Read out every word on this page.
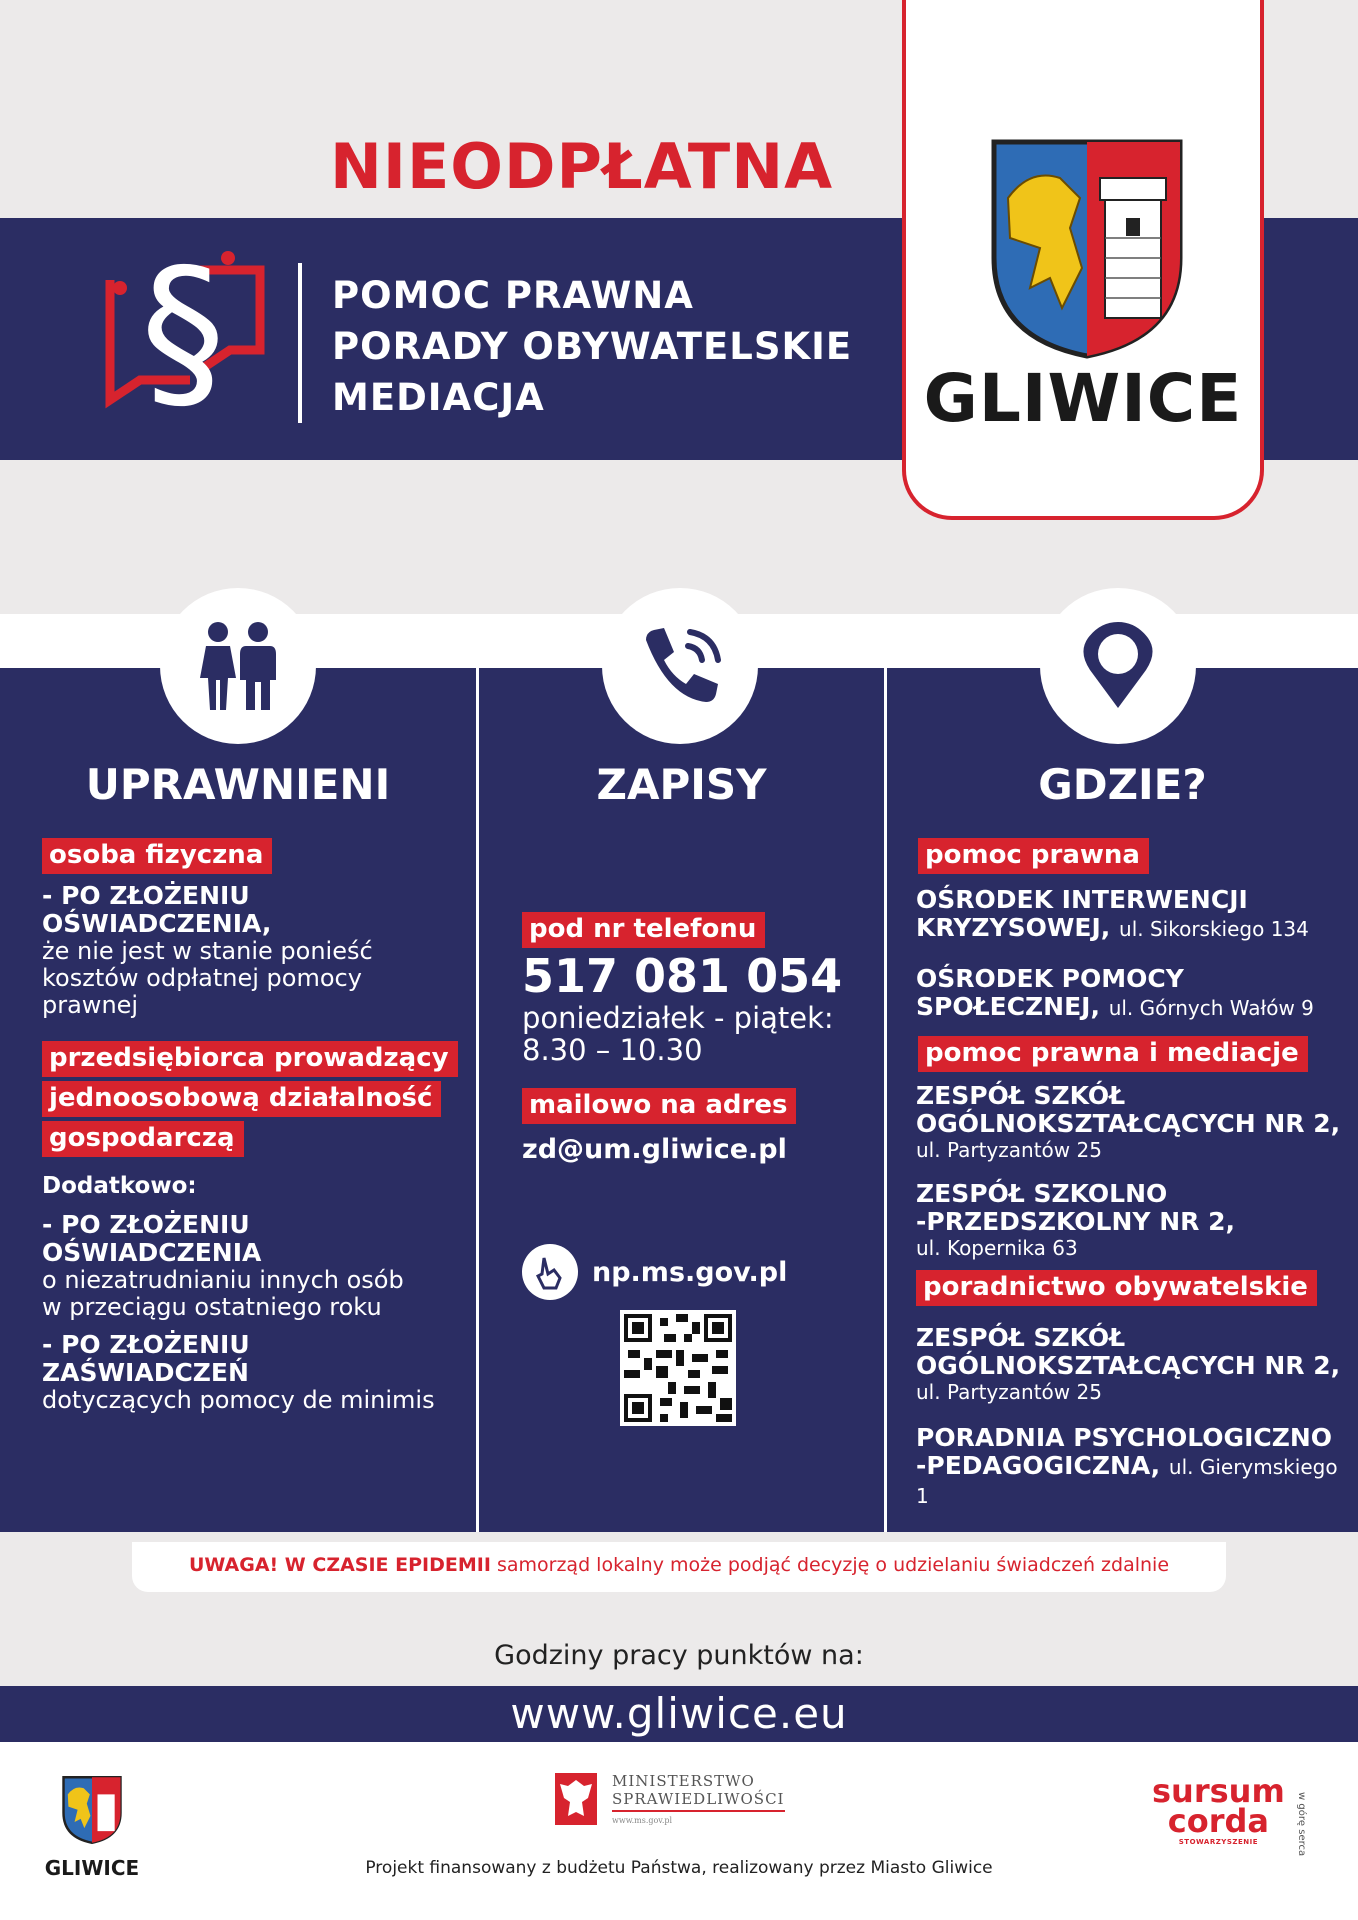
NIEODPŁATNA
§	POMOC PRAWNA
PORADY OBYWATELSKIE
MEDIACJA	GLIWICE
UPRAWNIENI	ZAPISY	GDZIE?
osoba fizyczna
- PO ZŁOŻENIU OŚWIADCZENIA,
że nie jest w stanie ponieść
kosztów odpłatnej pomocy
prawnej
przedsiębiorca prowadzący
jednoosobową działalność
gospodarczą
Dodatkowo:
- PO ZŁOŻENIU OŚWIADCZENIA
o niezatrudnianiu innych osób
w przeciągu ostatniego roku
- PO ZŁOŻENIU ZAŚWIADCZEŃ
dotyczących pomocy de minimis
pod nr telefonu
517 081 054
poniedziałek - piątek:
8.30 – 10.30
mailowo na adres
zd@um.gliwice.pl
np.ms.gov.pl
pomoc prawna
OŚRODEK INTERWENCJI
KRYZYSOWEJ, ul. Sikorskiego 134
OŚRODEK POMOCY
SPOŁECZNEJ, ul. Górnych Wałów 9
pomoc prawna i mediacje
ZESPÓŁ SZKÓŁ
OGÓLNOKSZTAŁCĄCYCH NR 2,
ul. Partyzantów 25
ZESPÓŁ SZKOLNO
-PRZEDSZKOLNY NR 2,
ul. Kopernika 63
poradnictwo obywatelskie
ZESPÓŁ SZKÓŁ
OGÓLNOKSZTAŁCĄCYCH NR 2,
ul. Partyzantów 25
PORADNIA PSYCHOLOGICZNO
-PEDAGOGICZNA, ul. Gierymskiego 1
UWAGA! W CZASIE EPIDEMII samorząd lokalny może podjąć decyzję o udzielaniu świadczeń zdalnie
Godziny pracy punktów na:
www.gliwice.eu
GLIWICE
MINISTERSTWO
SPRAWIEDLIWOŚCI
www.ms.gov.pl
sursum
corda
STOWARZYSZENIE	w górę serca
Projekt finansowany z budżetu Państwa, realizowany przez Miasto Gliwice
